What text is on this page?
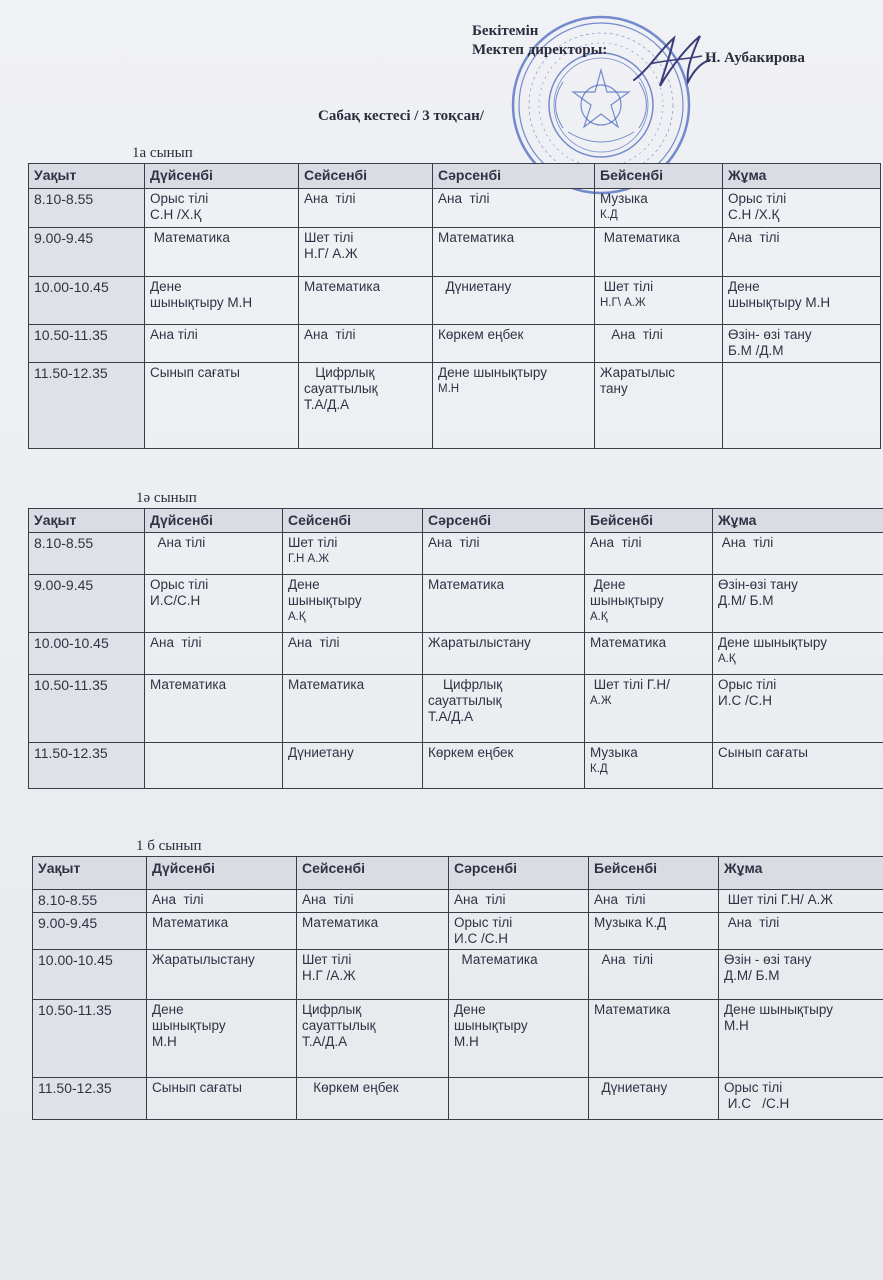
Бекітемін
Мектеп директоры:	Н. Аубакирова
Сабақ кестесі / 3 тоқсан/
1а сынып
Уақыт	Дүйсенбі	Сейсенбі	Сәрсенбі	Бейсенбі	Жұма
8.10-8.55	Орыс тілі
С.Н /Х.Қ	Ана  тілі	Ана  тілі	Музыка
К.Д	Орыс тілі
С.Н /Х.Қ

9.00-9.45	Математика	Шет тілі
Н.Г/ А.Ж	Математика	Математика	Ана  тілі

10.00-10.45	Дене
шынықтыру М.Н	Математика	Дүниетану	Шет тілі
Н.Г\ А.Ж	Дене
шынықтыру М.Н

10.50-11.35	Ана тілі	Ана  тілі	Көркем еңбек	Ана  тілі	Өзін- өзі тану
Б.М /Д.М

11.50-12.35	Сынып сағаты	Цифрлық
сауаттылық
Т.А/Д.А	Дене шынықтыру
М.Н	Жаратылыс
тану	

1ә сынып
Уақыт	Дүйсенбі	Сейсенбі	Сәрсенбі	Бейсенбі	Жұма
8.10-8.55	Ана тілі	Шет тілі
Г.Н А.Ж	Ана  тілі	Ана  тілі	Ана  тілі

9.00-9.45	Орыс тілі
И.С/С.Н	Дене
шынықтыру
А.Қ	Математика	Дене
шынықтыру
А.Қ	Өзін-өзі тану
Д.М/ Б.М

10.00-10.45	Ана  тілі	Ана  тілі	Жаратылыстану	Математика	Дене шынықтыру
А.Қ

10.50-11.35	Математика	Математика	Цифрлық
сауаттылық
Т.А/Д.А	Шет тілі Г.Н/
А.Ж	Орыс тілі
И.С /С.Н

11.50-12.35		Дүниетану	Көркем еңбек	Музыка
К.Д	Сынып сағаты
1 б сынып
Уақыт	Дүйсенбі	Сейсенбі	Сәрсенбі	Бейсенбі	Жұма
8.10-8.55	Ана  тілі	Ана  тілі	Ана  тілі	Ана  тілі	Шет тілі Г.Н/ А.Ж

9.00-9.45	Математика	Математика	Орыс тілі
И.С /С.Н	Музыка К.Д	Ана  тілі

10.00-10.45	Жаратылыстану	Шет тілі
Н.Г /А.Ж	Математика	Ана  тілі	Өзін - өзі тану
Д.М/ Б.М

10.50-11.35	Дене
шынықтыру
М.Н	Цифрлық
сауаттылық
Т.А/Д.А	Дене
шынықтыру
М.Н	Математика	Дене шынықтыру
М.Н

11.50-12.35	Сынып сағаты	Көркем еңбек		Дүниетану	Орыс тілі
И.С   /С.Н
